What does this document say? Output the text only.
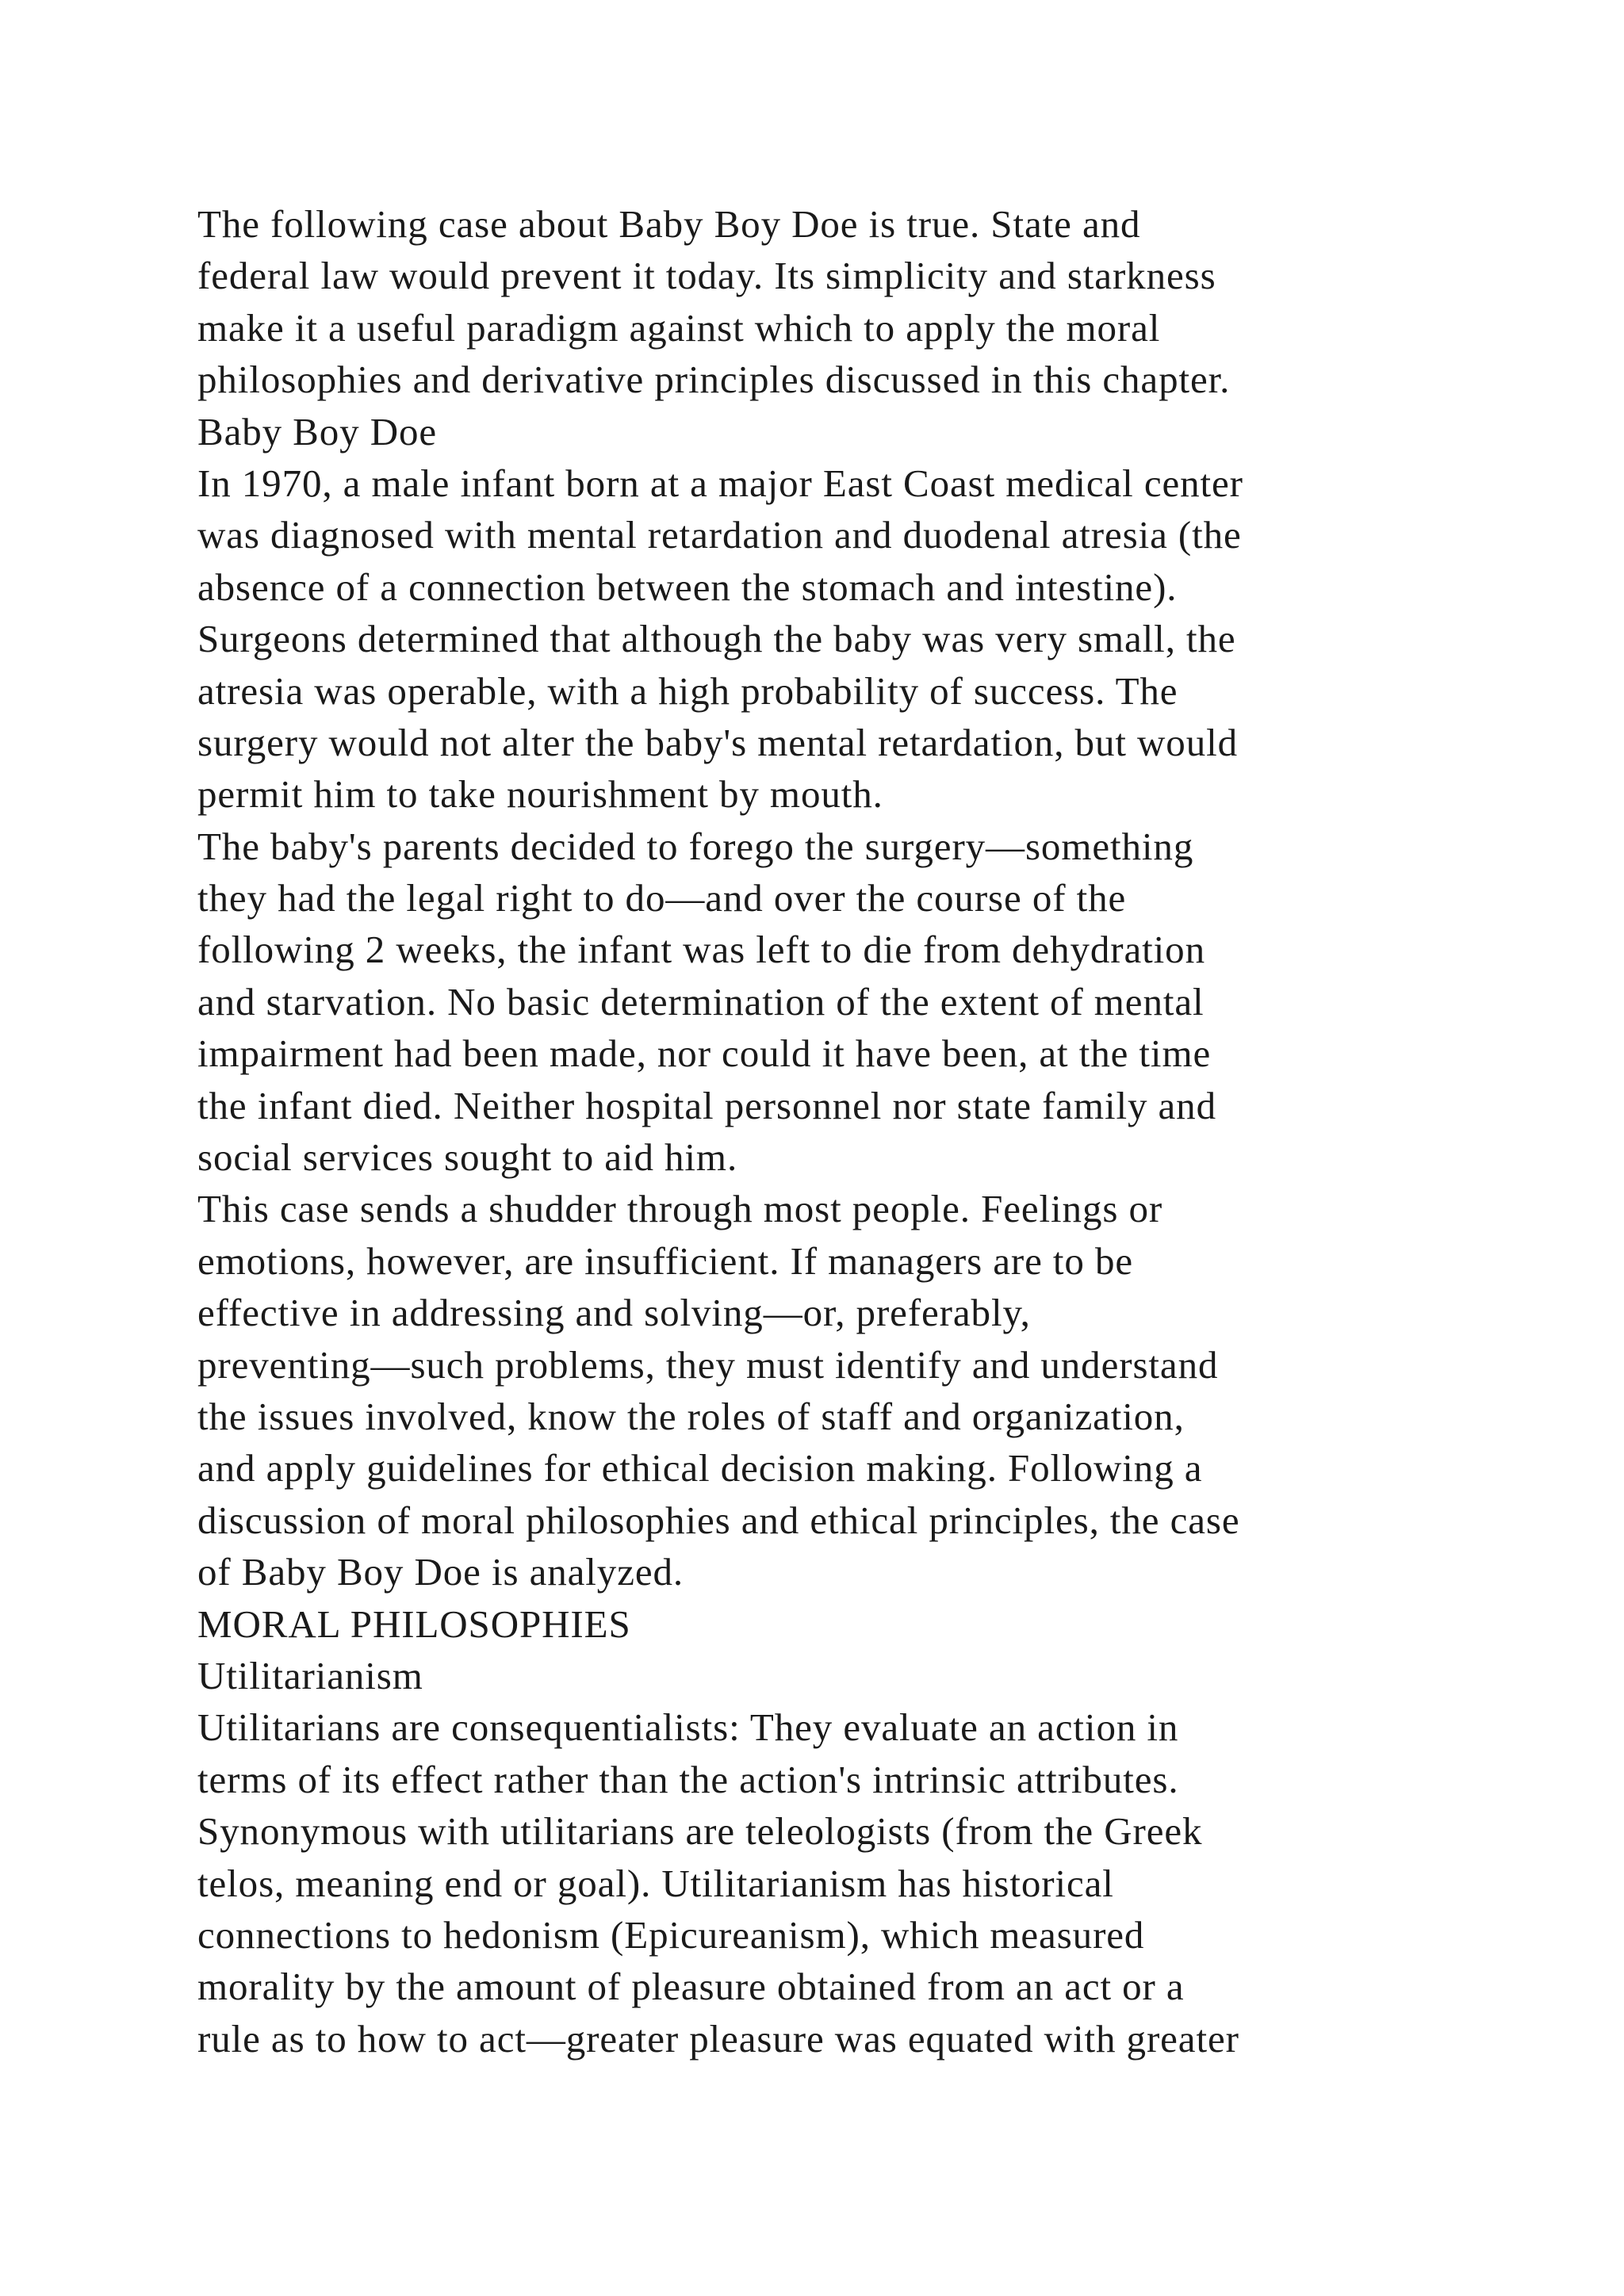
The following case about Baby Boy Doe is true. State and
federal law would prevent it today. Its simplicity and starkness
make it a useful paradigm against which to apply the moral
philosophies and derivative principles discussed in this chapter.
Baby Boy Doe
In 1970, a male infant born at a major East Coast medical center
was diagnosed with mental retardation and duodenal atresia (the
absence of a connection between the stomach and intestine).
Surgeons determined that although the baby was very small, the
atresia was operable, with a high probability of success. The
surgery would not alter the baby's mental retardation, but would
permit him to take nourishment by mouth.
The baby's parents decided to forego the surgery—something
they had the legal right to do—and over the course of the
following 2 weeks, the infant was left to die from dehydration
and starvation. No basic determination of the extent of mental
impairment had been made, nor could it have been, at the time
the infant died. Neither hospital personnel nor state family and
social services sought to aid him.
This case sends a shudder through most people. Feelings or
emotions, however, are insufficient. If managers are to be
effective in addressing and solving—or, preferably,
preventing—such problems, they must identify and understand
the issues involved, know the roles of staff and organization,
and apply guidelines for ethical decision making. Following a
discussion of moral philosophies and ethical principles, the case
of Baby Boy Doe is analyzed.
MORAL PHILOSOPHIES
Utilitarianism
Utilitarians are consequentialists: They evaluate an action in
terms of its effect rather than the action's intrinsic attributes.
Synonymous with utilitarians are teleologists (from the Greek
telos, meaning end or goal). Utilitarianism has historical
connections to hedonism (Epicureanism), which measured
morality by the amount of pleasure obtained from an act or a
rule as to how to act—greater pleasure was equated with greater
